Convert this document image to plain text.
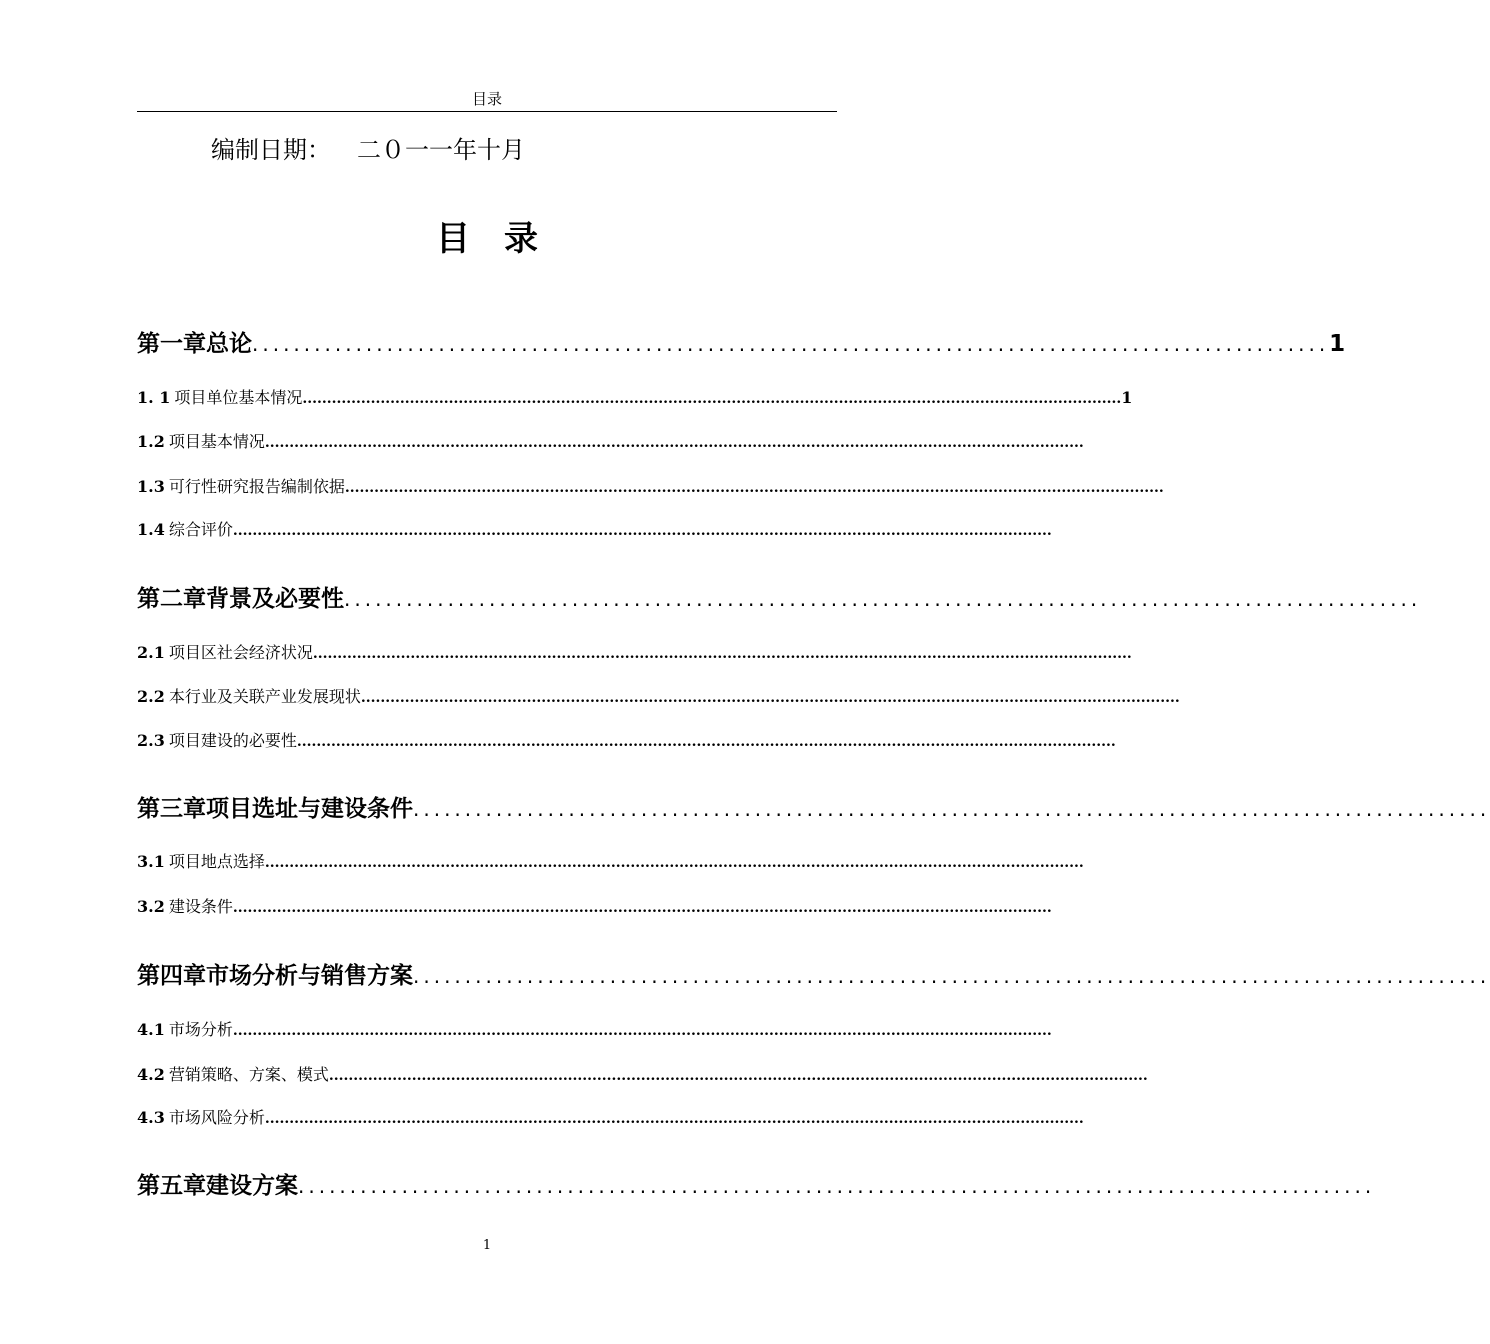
目录
编制日期： 二０一一年十月
目录
第一章 总论 ........................................................................................................ 1
1. 1 项目单位基本情况 ........................................................................................................................................................................ 1
1.2 项目基本情况 ........................................................................................................................................................................
1.3 可行性研究报告编制依据 ........................................................................................................................................................................
1.4 综合评价 ........................................................................................................................................................................
第二章 背景及必要性 ........................................................................................................
2.1 项目区社会经济状况 ........................................................................................................................................................................
2.2 本行业及关联产业发展现状 ........................................................................................................................................................................
2.3 项目建设的必要性 ........................................................................................................................................................................
第三章 项目选址与建设条件 ........................................................................................................
3.1 项目地点选择 ........................................................................................................................................................................
3.2 建设条件 ........................................................................................................................................................................
第四章 市场分析与销售方案 ........................................................................................................
4.1 市场分析 ........................................................................................................................................................................
4.2 营销策略、方案、模式 ........................................................................................................................................................................
4.3 市场风险分析 ........................................................................................................................................................................
第五章 建设方案 ........................................................................................................
1
